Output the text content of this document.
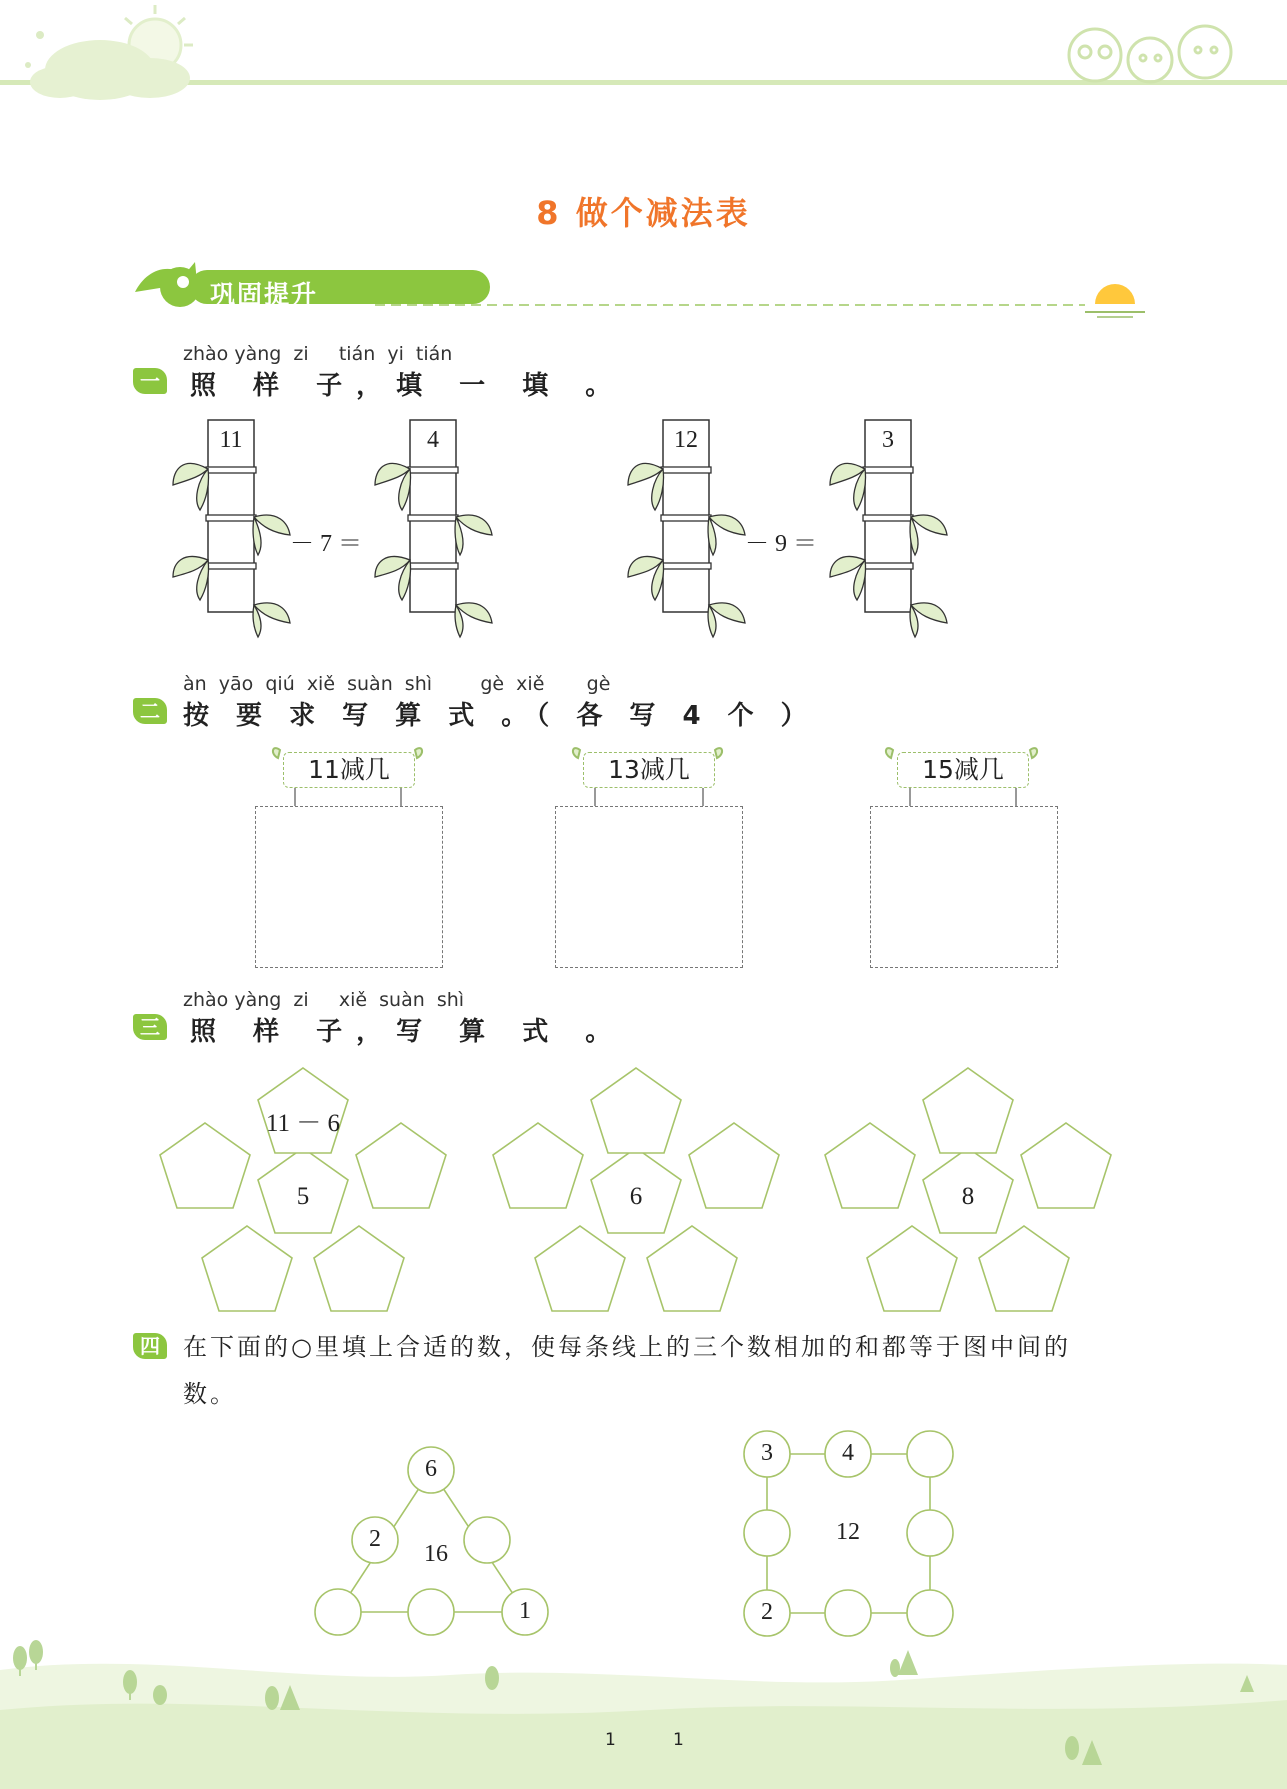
8 做个减法表
巩固提升
zhào yàng  zi     tián  yi  tián
一 照 样 子，填 一 填 。
11
－ 7 ＝
4	12
－ 9 ＝
3
àn  yāo  qiú  xiě  suàn  shì        gè  xiě       gè
二 按 要 求 写 算 式 。（ 各 写 4 个 ）
11减几	13减几	15减几
zhào yàng  zi     xiě  suàn  shì
三 照 样 子，写 算 式 。
11 － 6
5	6	8
四 在下面的○里填上合适的数，使每条线上的三个数相加的和都等于图中间的
数。
6
2
16
1
3	4
12
2
1	1
